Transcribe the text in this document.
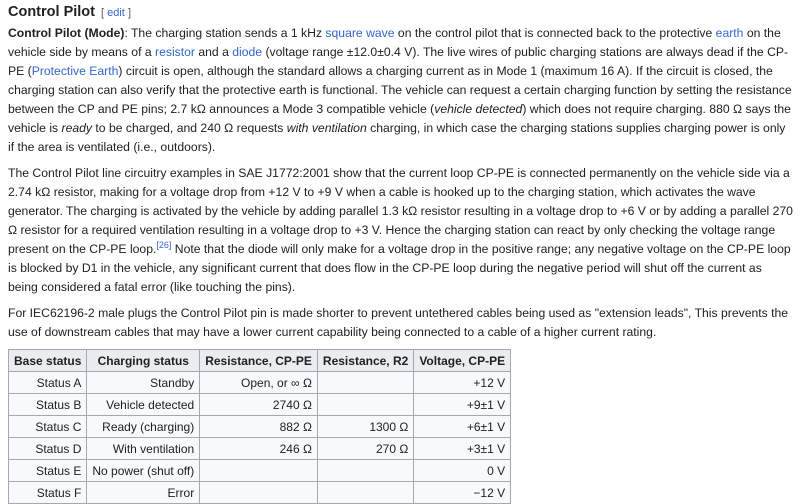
Control Pilot [ edit ]

Control Pilot (Mode): The charging station sends a 1 kHz square wave on the control pilot that is connected back to the protective earth on the vehicle side by means of a resistor and a diode (voltage range ±12.0±0.4 V). The live wires of public charging stations are always dead if the CP-PE (Protective Earth) circuit is open, although the standard allows a charging current as in Mode 1 (maximum 16 A). If the circuit is closed, the charging station can also verify that the protective earth is functional. The vehicle can request a certain charging function by setting the resistance between the CP and PE pins; 2.7 kΩ announces a Mode 3 compatible vehicle (vehicle detected) which does not require charging. 880 Ω says the vehicle is ready to be charged, and 240 Ω requests with ventilation charging, in which case the charging stations supplies charging power is only if the area is ventilated (i.e., outdoors).

The Control Pilot line circuitry examples in SAE J1772:2001 show that the current loop CP-PE is connected permanently on the vehicle side via a 2.74 kΩ resistor, making for a voltage drop from +12 V to +9 V when a cable is hooked up to the charging station, which activates the wave generator. The charging is activated by the vehicle by adding parallel 1.3 kΩ resistor resulting in a voltage drop to +6 V or by adding a parallel 270 Ω resistor for a required ventilation resulting in a voltage drop to +3 V. Hence the charging station can react by only checking the voltage range present on the CP-PE loop.[26] Note that the diode will only make for a voltage drop in the positive range; any negative voltage on the CP-PE loop is blocked by D1 in the vehicle, any significant current that does flow in the CP-PE loop during the negative period will shut off the current as being considered a fatal error (like touching the pins).

For IEC62196-2 male plugs the Control Pilot pin is made shorter to prevent untethered cables being used as "extension leads", This prevents the use of downstream cables that may have a lower current capability being connected to a cable of a higher current rating.

Base status	Charging status	Resistance, CP-PE	Resistance, R2	Voltage, CP-PE
Status A	Standby	Open, or ∞ Ω		+12 V
Status B	Vehicle detected	2740 Ω		+9±1 V
Status C	Ready (charging)	882 Ω	1300 Ω	+6±1 V
Status D	With ventilation	246 Ω	270 Ω	+3±1 V
Status E	No power (shut off)			0 V
Status F	Error			−12 V
